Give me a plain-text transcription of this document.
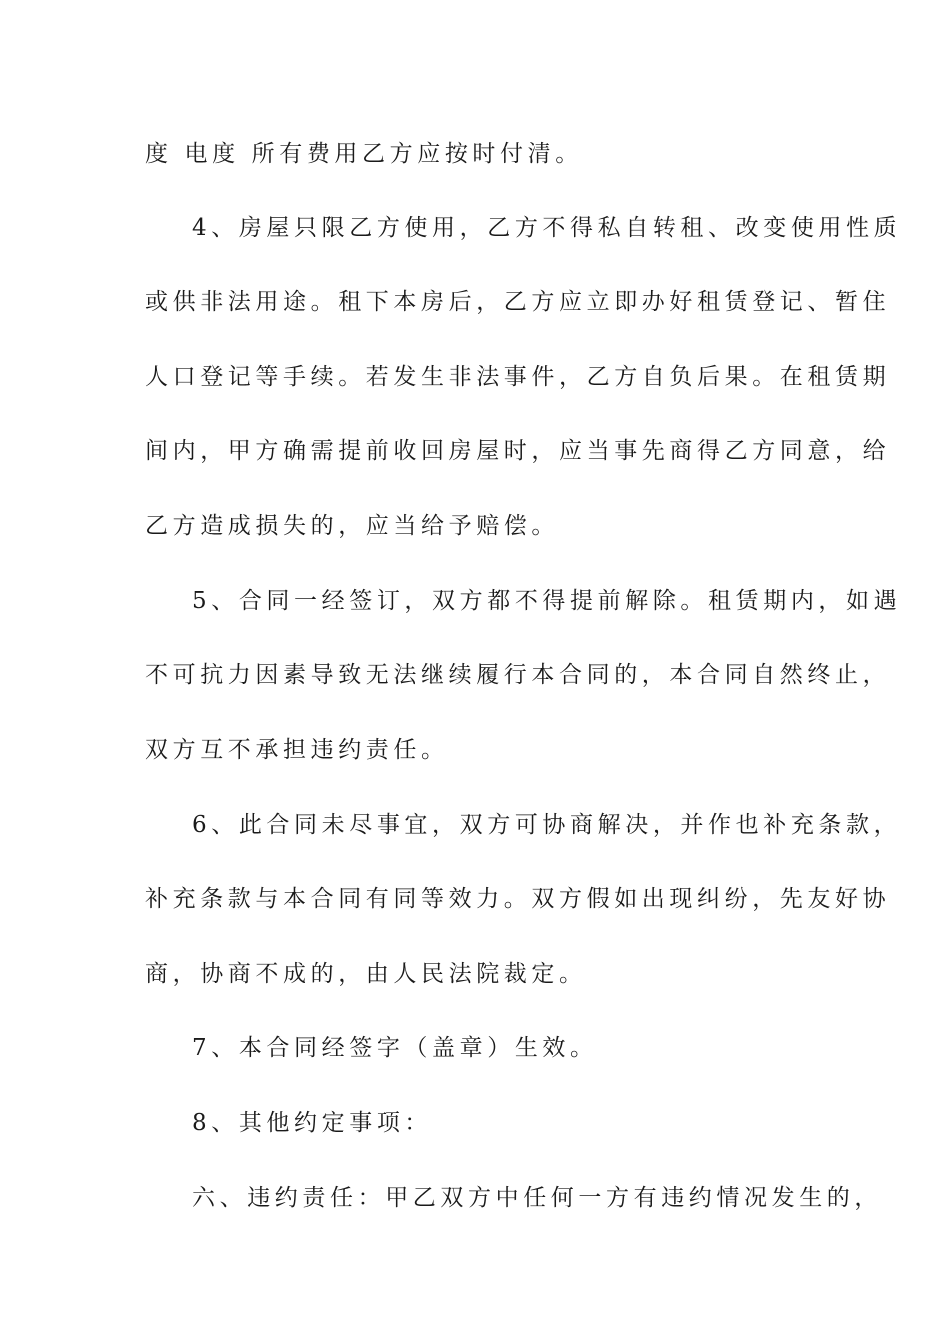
度 电度 所有费用乙方应按时付清。
4、房屋只限乙方使用，乙方不得私自转租、改变使用性质
或供非法用途。租下本房后，乙方应立即办好租赁登记、暂住
人口登记等手续。若发生非法事件，乙方自负后果。在租赁期
间内，甲方确需提前收回房屋时，应当事先商得乙方同意，给
乙方造成损失的，应当给予赔偿。
5、合同一经签订，双方都不得提前解除。租赁期内，如遇
不可抗力因素导致无法继续履行本合同的，本合同自然终止，
双方互不承担违约责任。
6、此合同未尽事宜，双方可协商解决，并作也补充条款，
补充条款与本合同有同等效力。双方假如出现纠纷，先友好协
商，协商不成的，由人民法院裁定。
7、本合同经签字（盖章）生效。
8、其他约定事项：
六、违约责任：甲乙双方中任何一方有违约情况发生的，
